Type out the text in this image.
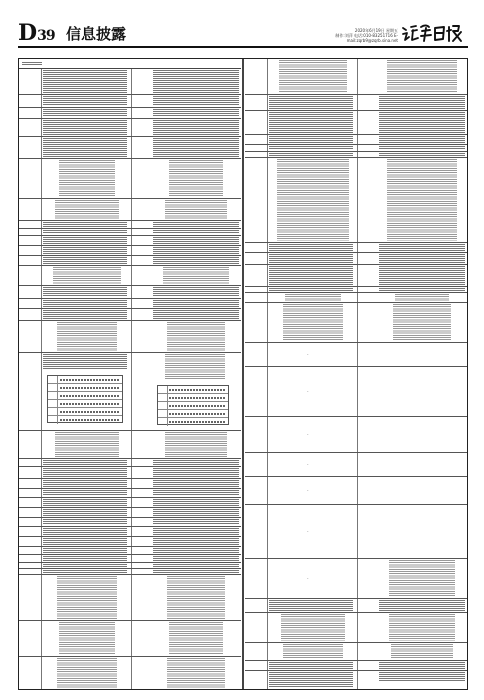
D39 信息披露	2020年6月19日 星期五
制作:刘萍 电话:010-83251716 E-mail:zqrb9@zqrb.sina.net
-
-
-
-
-
-
-
